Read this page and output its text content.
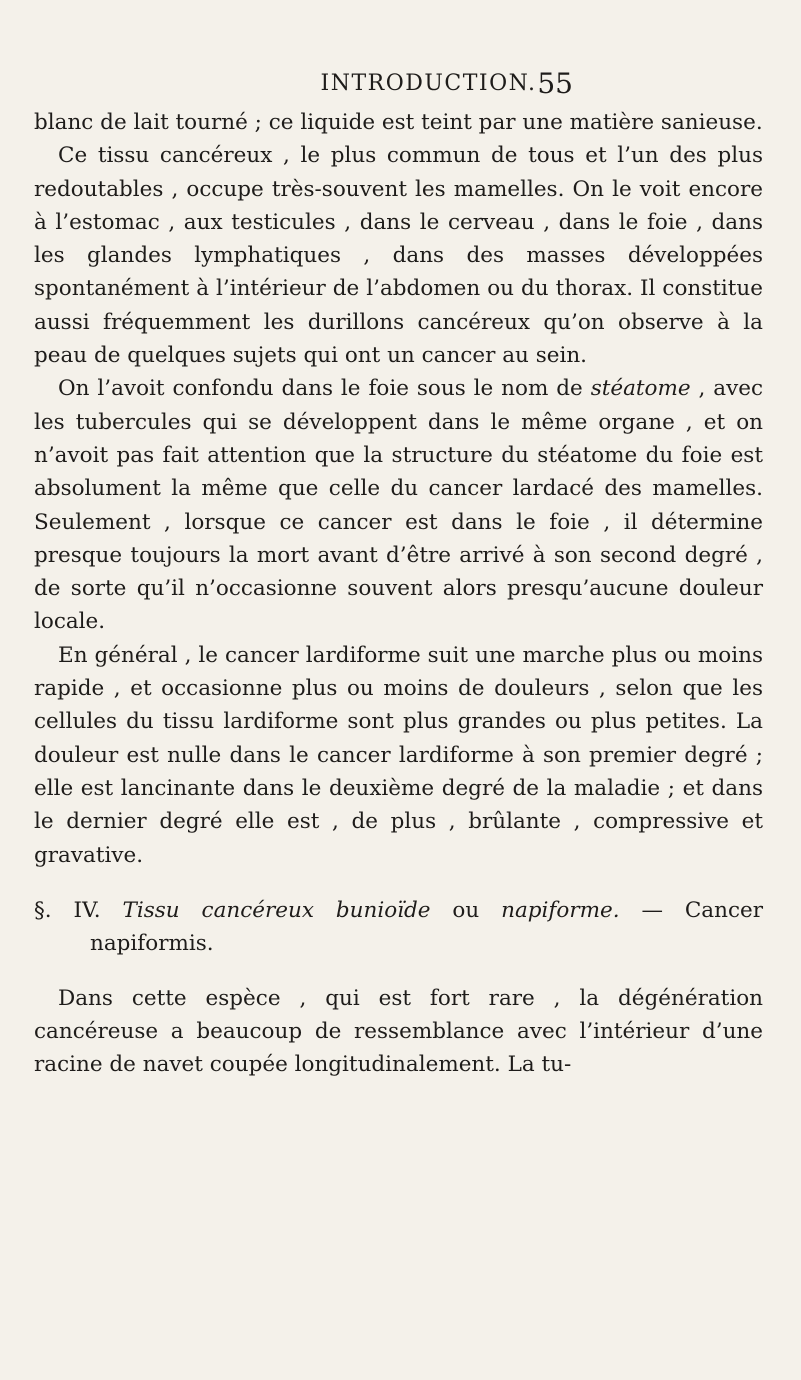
INTRODUCTION. 55

blanc de lait tourné ; ce liquide est teint par une matière sanieuse.

Ce tissu cancéreux , le plus commun de tous et l’un des plus redoutables , occupe très-souvent les mamelles. On le voit encore à l’estomac , aux testicules , dans le cerveau , dans le foie , dans les glandes lymphatiques , dans des masses développées spontanément à l’intérieur de l’abdomen ou du thorax. Il constitue aussi fréquemment les durillons cancéreux qu’on observe à la peau de quelques sujets qui ont un cancer au sein.

On l’avoit confondu dans le foie sous le nom de stéatome , avec les tubercules qui se développent dans le même organe , et on n’avoit pas fait attention que la structure du stéatome du foie est absolument la même que celle du cancer lardacé des mamelles. Seulement , lorsque ce cancer est dans le foie , il détermine presque toujours la mort avant d’être arrivé à son second degré , de sorte qu’il n’occasionne souvent alors presqu’aucune douleur locale.

En général , le cancer lardiforme suit une marche plus ou moins rapide , et occasionne plus ou moins de douleurs , selon que les cellules du tissu lardiforme sont plus grandes ou plus petites. La douleur est nulle dans le cancer lardiforme à son premier degré ; elle est lancinante dans le deuxième degré de la maladie ; et dans le dernier degré elle est , de plus , brûlante , compressive et gravative.

§. IV. Tissu cancéreux bunioïde ou napiforme. — Cancer
napiformis.

Dans cette espèce , qui est fort rare , la dégénération cancéreuse a beaucoup de ressemblance avec l’intérieur d’une racine de navet coupée longitudinalement. La tu-
